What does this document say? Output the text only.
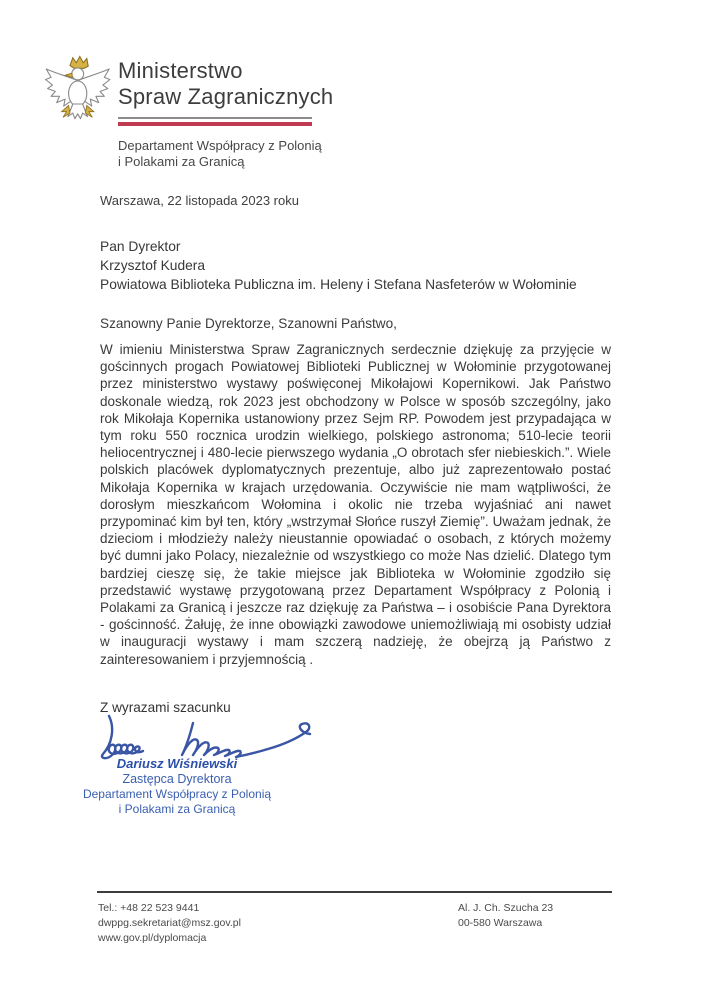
Ministerstwo
Spraw Zagranicznych
Departament Współpracy z Polonią
i Polakami za Granicą
Warszawa, 22 listopada 2023 roku
Pan Dyrektor
Krzysztof Kudera
Powiatowa Biblioteka Publiczna im. Heleny i Stefana Nasfeterów w Wołominie
Szanowny Panie Dyrektorze, Szanowni Państwo,
W imieniu Ministerstwa Spraw Zagranicznych serdecznie dziękuję za przyjęcie w gościnnych progach Powiatowej Biblioteki Publicznej w Wołominie przygotowanej przez ministerstwo wystawy poświęconej Mikołajowi Kopernikowi. Jak Państwo doskonale wiedzą, rok 2023 jest obchodzony w Polsce w sposób szczególny, jako rok Mikołaja Kopernika ustanowiony przez Sejm RP. Powodem jest przypadająca w tym roku 550 rocznica urodzin wielkiego, polskiego astronoma; 510-lecie teorii heliocentrycznej i 480-lecie pierwszego wydania „O obrotach sfer niebieskich.”. Wiele polskich placówek dyplomatycznych prezentuje, albo już zaprezentowało postać Mikołaja Kopernika w krajach urzędowania. Oczywiście nie mam wątpliwości, że dorosłym mieszkańcom Wołomina i okolic nie trzeba wyjaśniać ani nawet przypominać kim był ten, który „wstrzymał Słońce ruszył Ziemię”. Uważam jednak, że dzieciom i młodzieży należy nieustannie opowiadać o osobach, z których możemy być dumni jako Polacy, niezależnie od wszystkiego co może Nas dzielić. Dlatego tym bardziej cieszę się, że takie miejsce jak Biblioteka w Wołominie zgodziło się przedstawić wystawę przygotowaną przez Departament Współpracy z Polonią i Polakami za Granicą i jeszcze raz dziękuję za Państwa – i osobiście Pana Dyrektora - gościnność. Żałuję, że inne obowiązki zawodowe uniemożliwiają mi osobisty udział w inauguracji wystawy i mam szczerą nadzieję, że obejrzą ją Państwo z zainteresowaniem i przyjemnością .
Z wyrazami szacunku
Dariusz Wiśniewski
Zastępca Dyrektora
Departament Współpracy z Polonią
i Polakami za Granicą
Tel.: +48 22 523 9441
dwppg.sekretariat@msz.gov.pl
www.gov.pl/dyplomacja
Al. J. Ch. Szucha 23
00-580 Warszawa
